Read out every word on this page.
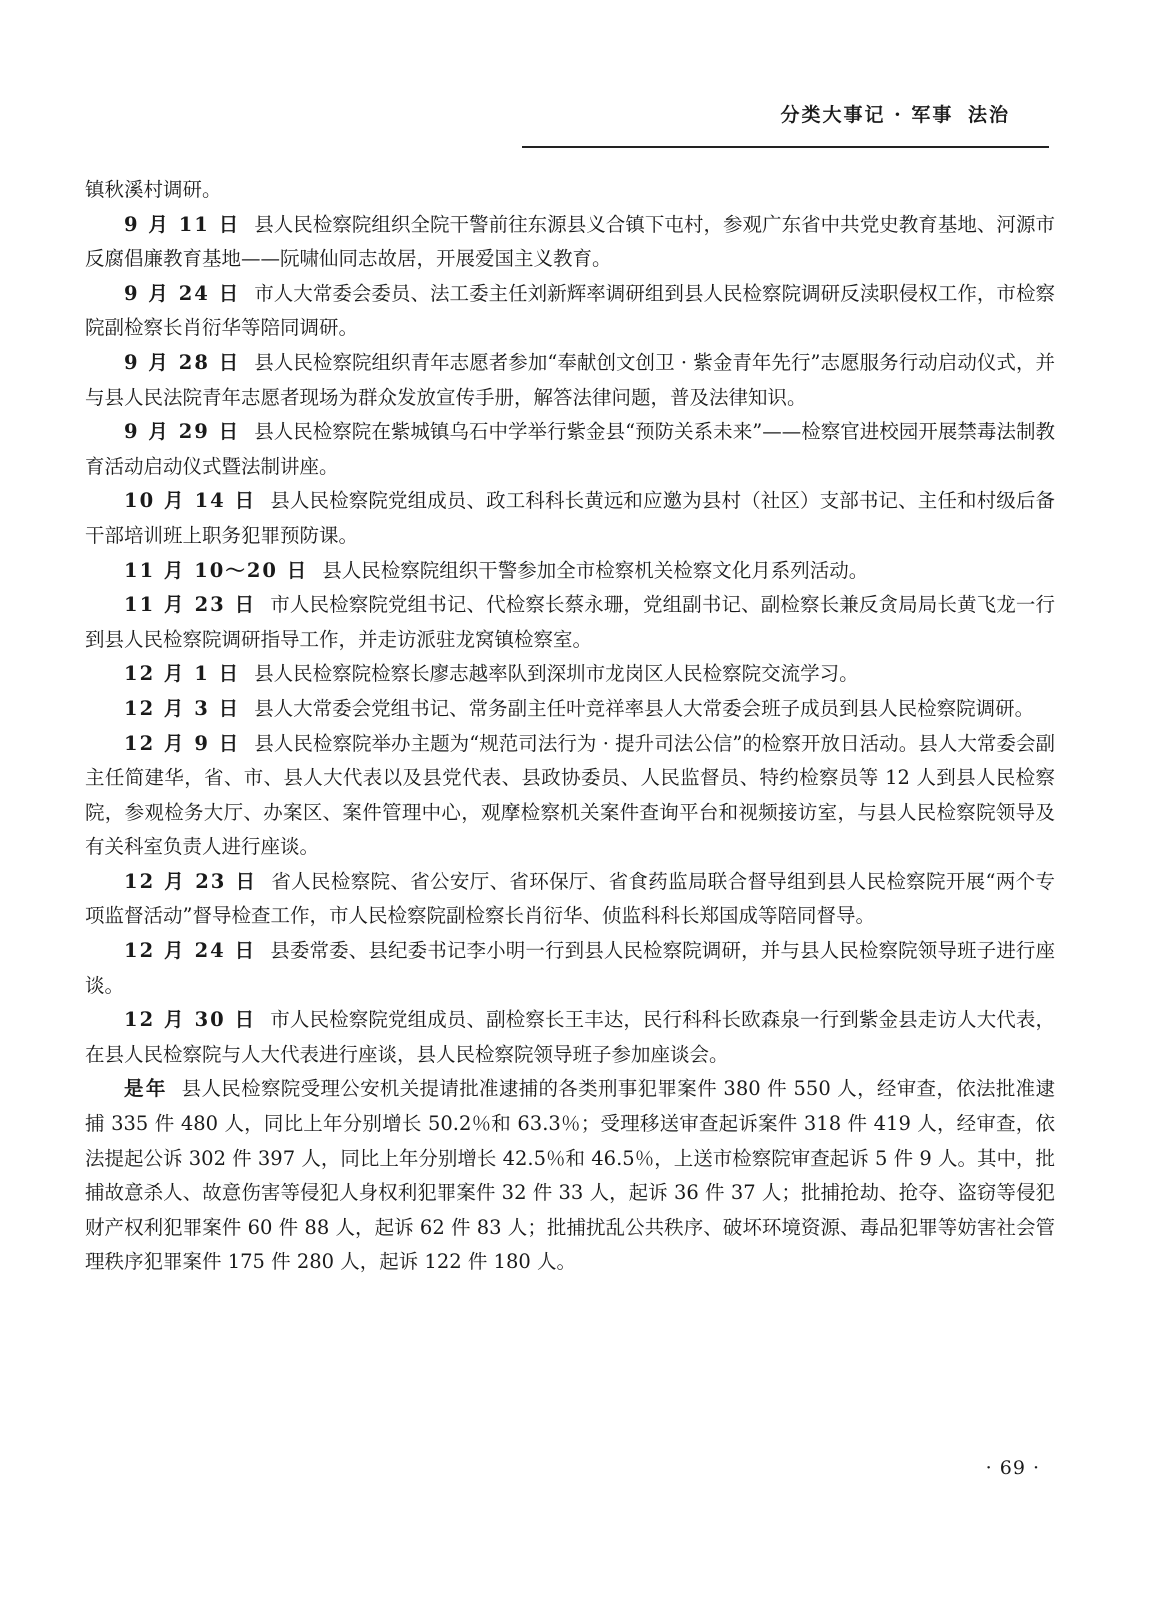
分类大事记 · 军事 法治

镇秋溪村调研。

9 月 11 日 县人民检察院组织全院干警前往东源县义合镇下屯村，参观广东省中共党史教育基地、河源市反腐倡廉教育基地——阮啸仙同志故居，开展爱国主义教育。

9 月 24 日 市人大常委会委员、法工委主任刘新辉率调研组到县人民检察院调研反渎职侵权工作，市检察院副检察长肖衍华等陪同调研。

9 月 28 日 县人民检察院组织青年志愿者参加“奉献创文创卫 · 紫金青年先行”志愿服务行动启动仪式，并与县人民法院青年志愿者现场为群众发放宣传手册，解答法律问题，普及法律知识。

9 月 29 日 县人民检察院在紫城镇乌石中学举行紫金县“预防关系未来”——检察官进校园开展禁毒法制教育活动启动仪式暨法制讲座。

10 月 14 日 县人民检察院党组成员、政工科科长黄远和应邀为县村（社区）支部书记、主任和村级后备干部培训班上职务犯罪预防课。

11 月 10～20 日 县人民检察院组织干警参加全市检察机关检察文化月系列活动。

11 月 23 日 市人民检察院党组书记、代检察长蔡永珊，党组副书记、副检察长兼反贪局局长黄飞龙一行到县人民检察院调研指导工作，并走访派驻龙窝镇检察室。

12 月 1 日 县人民检察院检察长廖志越率队到深圳市龙岗区人民检察院交流学习。

12 月 3 日 县人大常委会党组书记、常务副主任叶竞祥率县人大常委会班子成员到县人民检察院调研。

12 月 9 日 县人民检察院举办主题为“规范司法行为 · 提升司法公信”的检察开放日活动。县人大常委会副主任简建华，省、市、县人大代表以及县党代表、县政协委员、人民监督员、特约检察员等 12 人到县人民检察院，参观检务大厅、办案区、案件管理中心，观摩检察机关案件查询平台和视频接访室，与县人民检察院领导及有关科室负责人进行座谈。

12 月 23 日 省人民检察院、省公安厅、省环保厅、省食药监局联合督导组到县人民检察院开展“两个专项监督活动”督导检查工作，市人民检察院副检察长肖衍华、侦监科科长郑国成等陪同督导。

12 月 24 日 县委常委、县纪委书记李小明一行到县人民检察院调研，并与县人民检察院领导班子进行座谈。

12 月 30 日 市人民检察院党组成员、副检察长王丰达，民行科科长欧森泉一行到紫金县走访人大代表，在县人民检察院与人大代表进行座谈，县人民检察院领导班子参加座谈会。

是年 县人民检察院受理公安机关提请批准逮捕的各类刑事犯罪案件 380 件 550 人，经审查，依法批准逮捕 335 件 480 人，同比上年分别增长 50.2％和 63.3％；受理移送审查起诉案件 318 件 419 人，经审查，依法提起公诉 302 件 397 人，同比上年分别增长 42.5％和 46.5％，上送市检察院审查起诉 5 件 9 人。其中，批捕故意杀人、故意伤害等侵犯人身权利犯罪案件 32 件 33 人，起诉 36 件 37 人；批捕抢劫、抢夺、盗窃等侵犯财产权利犯罪案件 60 件 88 人，起诉 62 件 83 人；批捕扰乱公共秩序、破坏环境资源、毒品犯罪等妨害社会管理秩序犯罪案件 175 件 280 人，起诉 122 件 180 人。

· 69 ·
